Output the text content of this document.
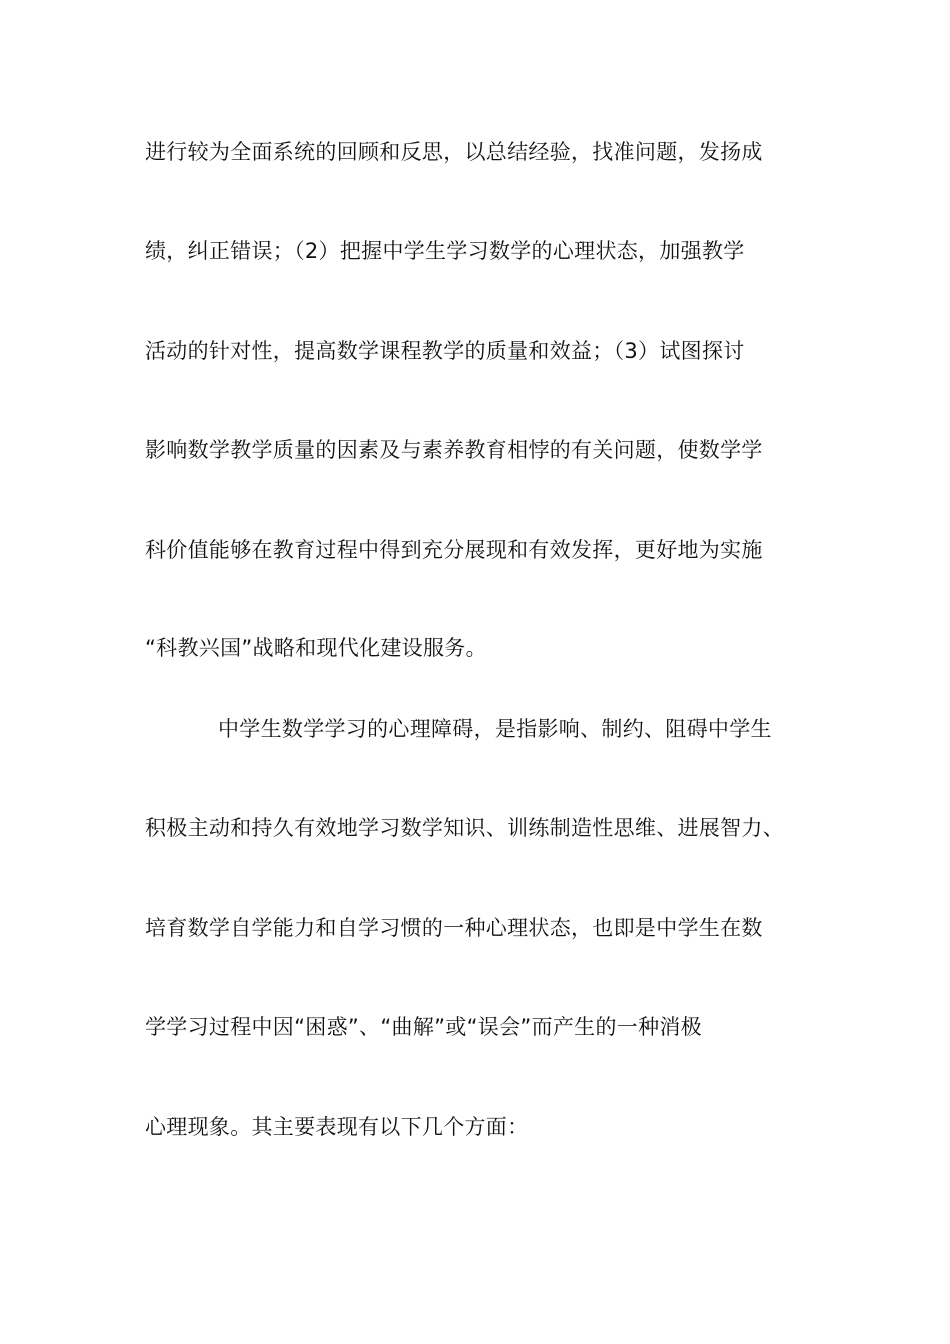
进行较为全面系统的回顾和反思，以总结经验，找准问题，发扬成
绩，纠正错误；（2）把握中学生学习数学的心理状态，加强教学
活动的针对性，提高数学课程教学的质量和效益；（3）试图探讨
影响数学教学质量的因素及与素养教育相悖的有关问题，使数学学
科价值能够在教育过程中得到充分展现和有效发挥，更好地为实施
“科教兴国”战略和现代化建设服务。
中学生数学学习的心理障碍，是指影响、制约、阻碍中学生
积极主动和持久有效地学习数学知识、训练制造性思维、进展智力、
培育数学自学能力和自学习惯的一种心理状态，也即是中学生在数
学学习过程中因“困惑”、“曲解”或“误会”而产生的一种消极
心理现象。其主要表现有以下几个方面：
